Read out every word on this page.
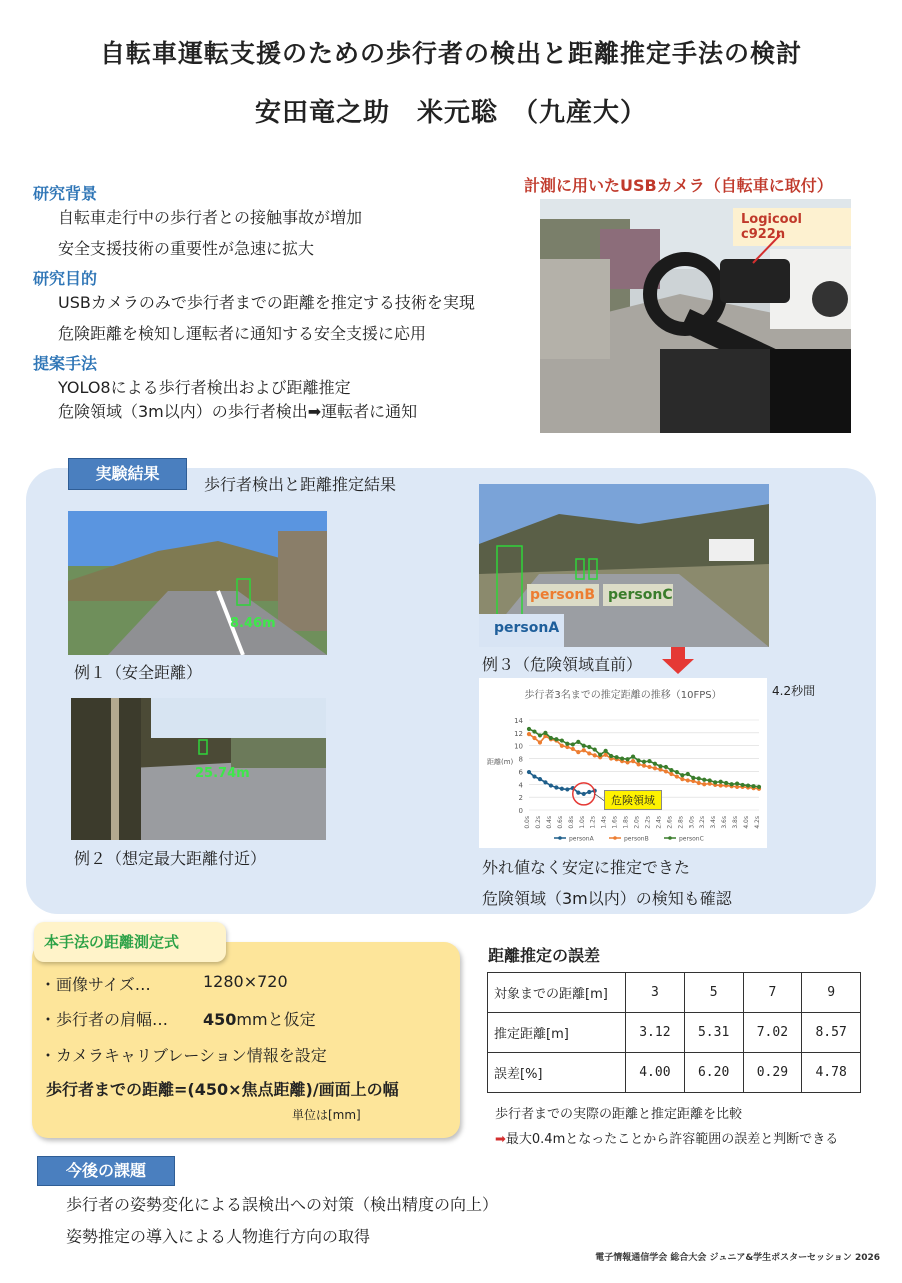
自転車運転支援のための歩行者の検出と距離推定手法の検討
安田竜之助　米元聡　（九産大）
研究背景
自転車走行中の歩行者との接触事故が増加
安全支援技術の重要性が急速に拡大
研究目的
USBカメラのみで歩行者までの距離を推定する技術を実現
危険距離を検知し運転者に通知する安全支援に応用
提案手法
YOLO8による歩行者検出および距離推定
危険領域（3m以内）の歩行者検出➡運転者に通知
計測に用いたUSBカメラ（自転車に取付）
Logicool c922n
実験結果
歩行者検出と距離推定結果
8.46m
例１（安全距離）
25.74m
例２（想定最大距離付近）
personA
personB personC
例３（危険領域直前）
4.2秒間
歩行者3名までの推定距離の推移（10FPS）
0
2
4
6
8
10
12
14
距離(m)
0.0s 0.2s 0.4s 0.6s 0.8s 1.0s 1.2s 1.4s 1.6s 1.8s 2.0s 2.2s 2.4s 2.6s 2.8s 3.0s 3.2s 3.4s 3.6s 3.8s 4.0s 4.2s
personA	personB	personC
危険領域
外れ値なく安定に推定できた
危険領域（3m以内）の検知も確認
本手法の距離測定式
・画像サイズ…	1280×720
・歩行者の肩幅… 450mmと仮定
・カメラキャリブレーション情報を設定
歩行者までの距離=(450×焦点距離)/画面上の幅
単位は[mm]
距離推定の誤差
対象までの距離[m]	3	5	7	9
推定距離[m]	3.12	5.31	7.02	8.57
誤差[%]	4.00	6.20	0.29	4.78
歩行者までの実際の距離と推定距離を比較
➡最大0.4mとなったことから許容範囲の誤差と判断できる
今後の課題
歩行者の姿勢変化による誤検出への対策（検出精度の向上）
姿勢推定の導入による人物進行方向の取得
電子情報通信学会 総合大会 ジュニア&学生ポスターセッション 2026
